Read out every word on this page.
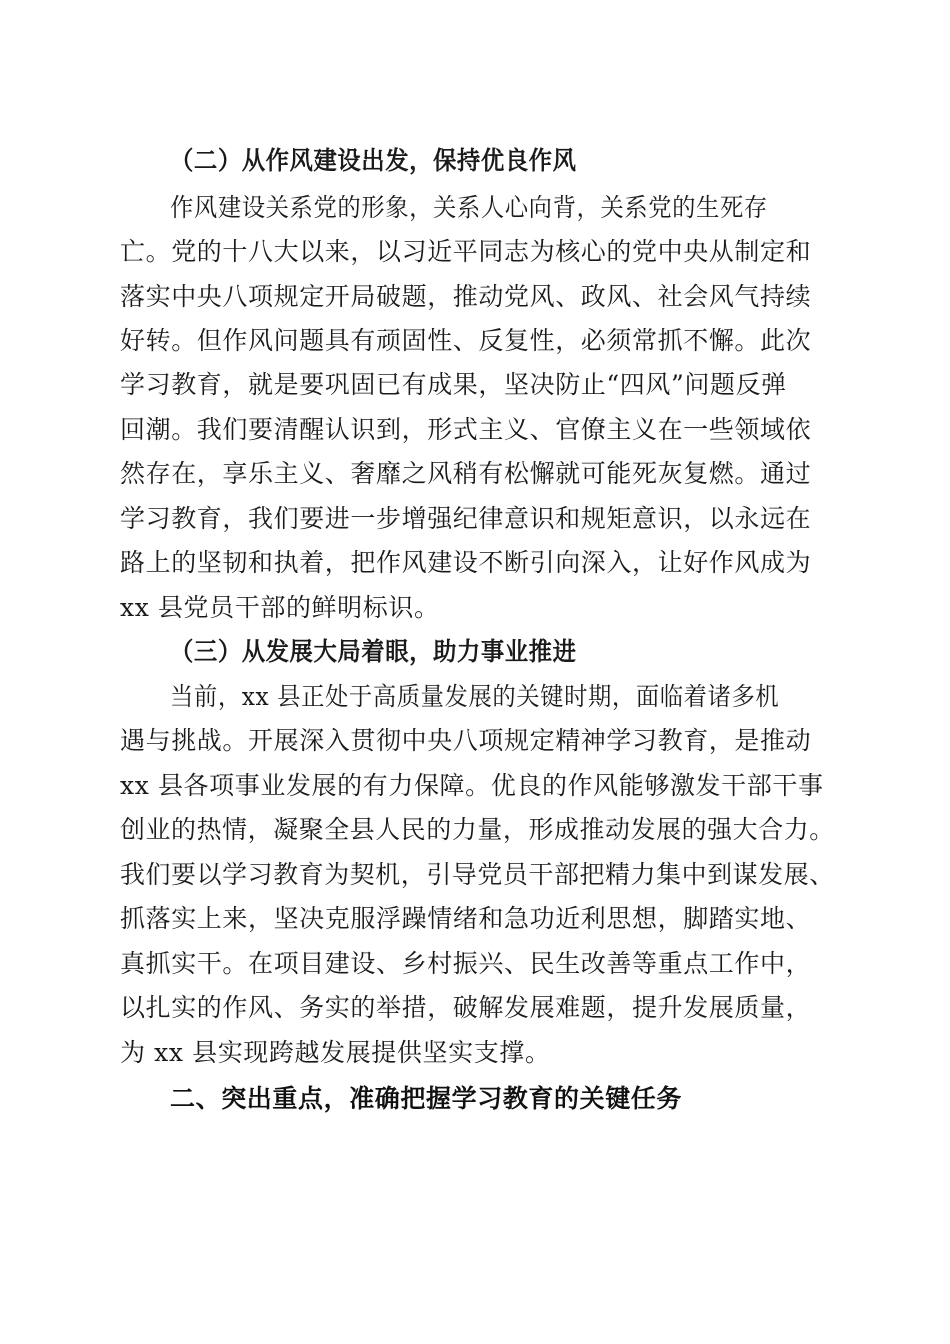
（二）从作风建设出发，保持优良作风
作风建设关系党的形象，关系人心向背，关系党的生死存
亡。党的十八大以来，以习近平同志为核心的党中央从制定和
落实中央八项规定开局破题，推动党风、政风、社会风气持续
好转。但作风问题具有顽固性、反复性，必须常抓不懈。此次
学习教育，就是要巩固已有成果，坚决防止“四风”问题反弹
回潮。我们要清醒认识到，形式主义、官僚主义在一些领域依
然存在，享乐主义、奢靡之风稍有松懈就可能死灰复燃。通过
学习教育，我们要进一步增强纪律意识和规矩意识，以永远在
路上的坚韧和执着，把作风建设不断引向深入，让好作风成为
xx 县党员干部的鲜明标识。
（三）从发展大局着眼，助力事业推进
当前，xx 县正处于高质量发展的关键时期，面临着诸多机
遇与挑战。开展深入贯彻中央八项规定精神学习教育，是推动
xx 县各项事业发展的有力保障。优良的作风能够激发干部干事
创业的热情，凝聚全县人民的力量，形成推动发展的强大合力。
我们要以学习教育为契机，引导党员干部把精力集中到谋发展、
抓落实上来，坚决克服浮躁情绪和急功近利思想，脚踏实地、
真抓实干。在项目建设、乡村振兴、民生改善等重点工作中，
以扎实的作风、务实的举措，破解发展难题，提升发展质量，
为 xx 县实现跨越发展提供坚实支撑。
二、突出重点，准确把握学习教育的关键任务
